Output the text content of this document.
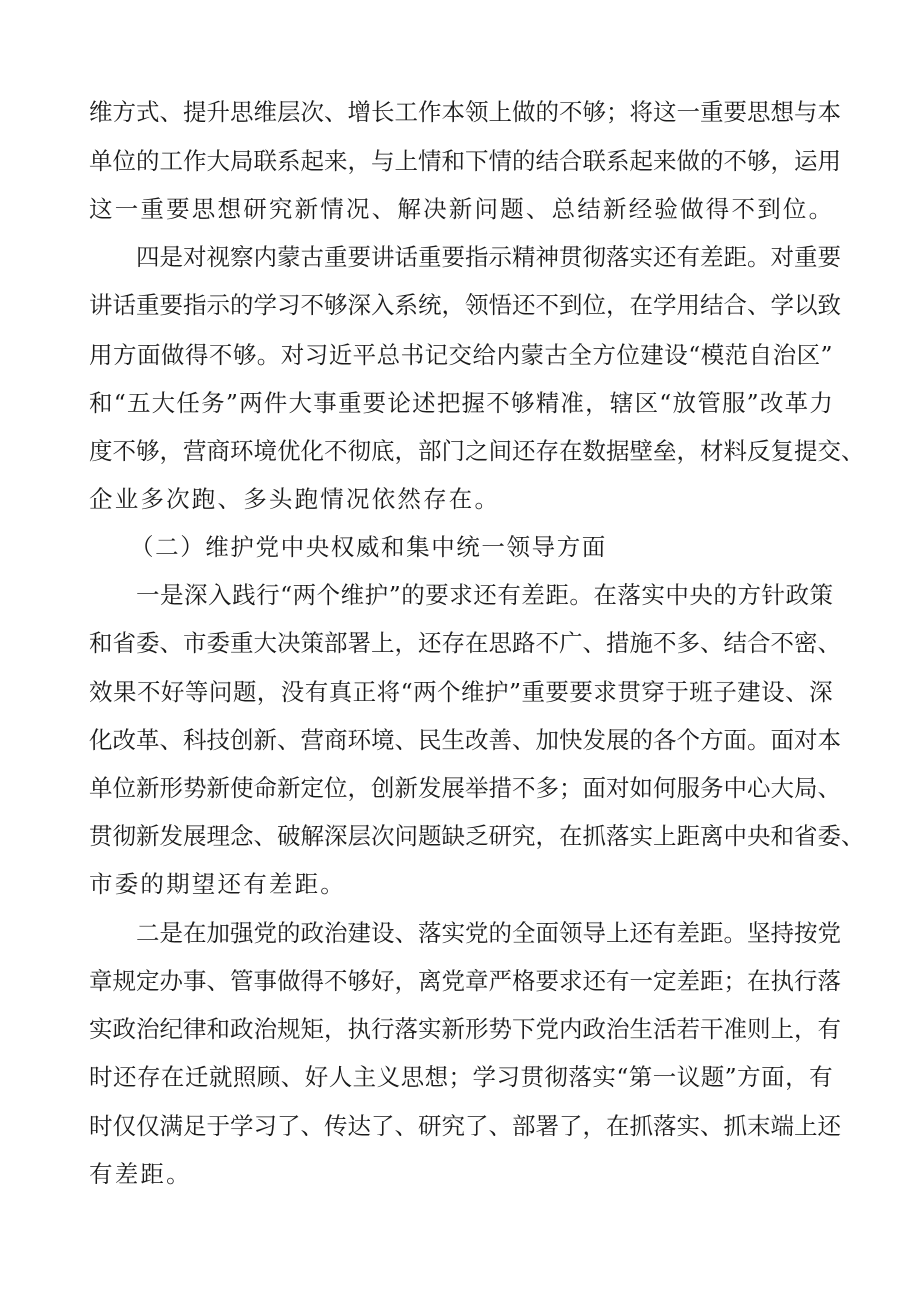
维 方 式 、 提 升 思 维 层 次 、 增 长 工 作 本 领 上 做 的 不 够 ； 将 这 一 重 要 思 想 与 本
单 位 的 工 作 大 局 联 系 起 来 ， 与 上 情 和 下 情 的 结 合 联 系 起 来 做 的 不 够 ， 运 用
这一重要思想研究新情况、解决新问题、总结新经验做得不到位。
四 是 对 视 察 内 蒙 古 重 要 讲 话 重 要 指 示 精 神 贯 彻 落 实 还 有 差 距 。 对 重 要
讲 话 重 要 指 示 的 学 习 不 够 深 入 系 统 ， 领 悟 还 不 到 位 ， 在 学 用 结 合 、 学 以 致
用 方 面 做 得 不 够 。 对 习 近 平 总 书 记 交 给 内 蒙 古 全 方 位 建 设 “ 模 范 自 治 区 ”
和 “ 五 大 任 务 ” 两 件 大 事 重 要 论 述 把 握 不 够 精 准 ， 辖 区 “ 放 管 服 ” 改 革 力
度 不 够 ， 营 商 环 境 优 化 不 彻 底 ， 部 门 之 间 还 存 在 数 据 壁 垒 ， 材 料 反 复 提 交 、
企业多次跑、多头跑情况依然存在。
（二）维护党中央权威和集中统一领导方面
一 是 深 入 践 行 “ 两 个 维 护 ” 的 要 求 还 有 差 距 。 在 落 实 中 央 的 方 针 政 策
和 省 委 、 市 委 重 大 决 策 部 署 上 ， 还 存 在 思 路 不 广 、 措 施 不 多 、 结 合 不 密 、
效 果 不 好 等 问 题 ， 没 有 真 正 将 “ 两 个 维 护 ” 重 要 要 求 贯 穿 于 班 子 建 设 、 深
化 改 革 、 科 技 创 新 、 营 商 环 境 、 民 生 改 善 、 加 快 发 展 的 各 个 方 面 。 面 对 本
单 位 新 形 势 新 使 命 新 定 位 ， 创 新 发 展 举 措 不 多 ； 面 对 如 何 服 务 中 心 大 局 、
贯 彻 新 发 展 理 念 、 破 解 深 层 次 问 题 缺 乏 研 究 ， 在 抓 落 实 上 距 离 中 央 和 省 委 、
市委的期望还有差距。
二 是 在 加 强 党 的 政 治 建 设 、 落 实 党 的 全 面 领 导 上 还 有 差 距 。 坚 持 按 党
章 规 定 办 事 、 管 事 做 得 不 够 好 ， 离 党 章 严 格 要 求 还 有 一 定 差 距 ； 在 执 行 落
实 政 治 纪 律 和 政 治 规 矩 ， 执 行 落 实 新 形 势 下 党 内 政 治 生 活 若 干 准 则 上 ， 有
时 还 存 在 迁 就 照 顾 、 好 人 主 义 思 想 ； 学 习 贯 彻 落 实 “ 第 一 议 题 ” 方 面 ， 有
时 仅 仅 满 足 于 学 习 了 、 传 达 了 、 研 究 了 、 部 署 了 ， 在 抓 落 实 、 抓 末 端 上 还
有差距。
